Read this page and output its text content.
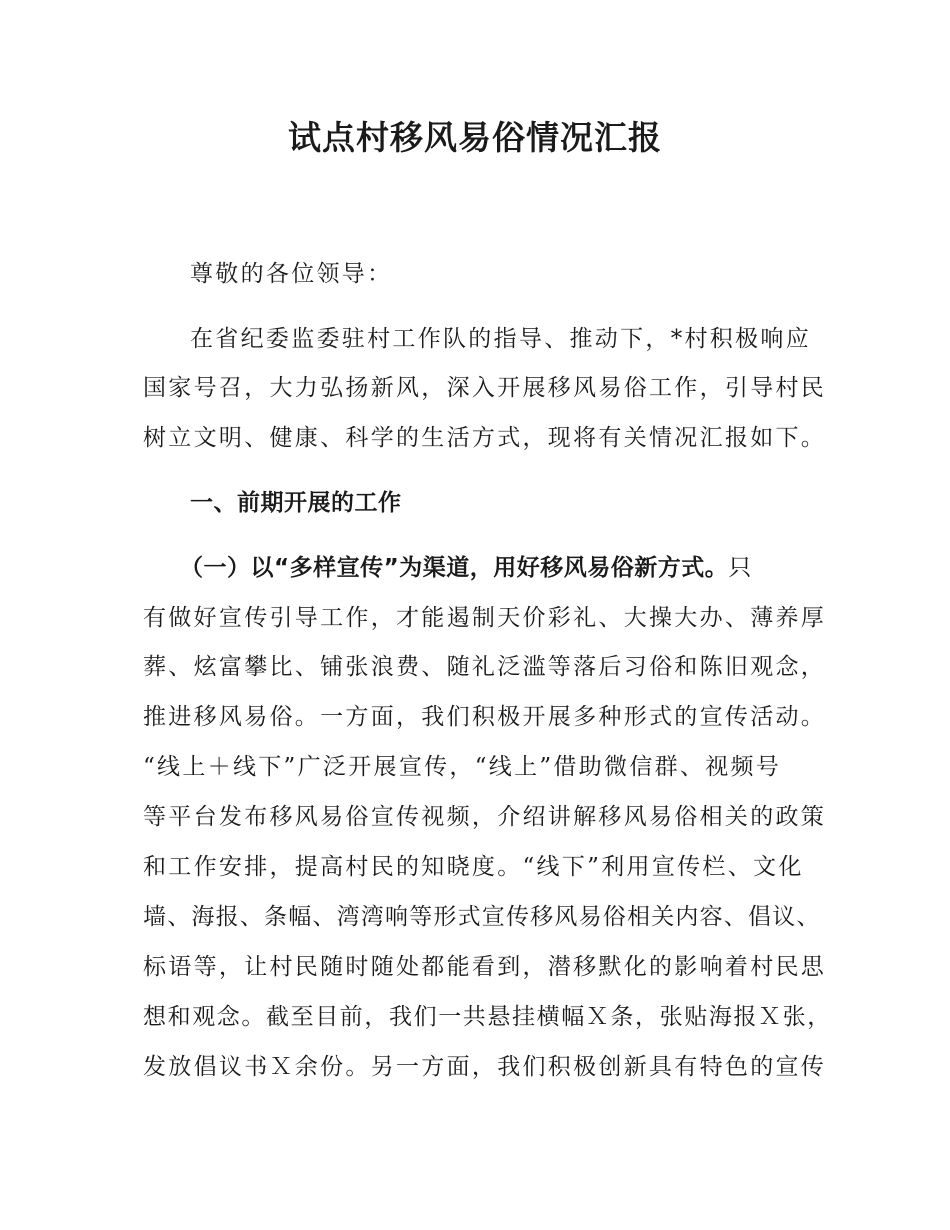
试点村移风易俗情况汇报
尊敬的各位领导：
在省纪委监委驻村工作队的指导、推动下，*村积极响应
国家号召，大力弘扬新风，深入开展移风易俗工作，引导村民
树立文明、健康、科学的生活方式，现将有关情况汇报如下。
一、前期开展的工作
（一）以“多样宣传”为渠道，用好移风易俗新方式。只
有做好宣传引导工作，才能遏制天价彩礼、大操大办、薄养厚
葬、炫富攀比、铺张浪费、随礼泛滥等落后习俗和陈旧观念，
推进移风易俗。一方面，我们积极开展多种形式的宣传活动。
“线上＋线下”广泛开展宣传，“线上”借助微信群、视频号
等平台发布移风易俗宣传视频，介绍讲解移风易俗相关的政策
和工作安排，提高村民的知晓度。“线下”利用宣传栏、文化
墙、海报、条幅、湾湾响等形式宣传移风易俗相关内容、倡议、
标语等，让村民随时随处都能看到，潜移默化的影响着村民思
想和观念。截至目前，我们一共悬挂横幅Ｘ条，张贴海报Ｘ张，
发放倡议书Ｘ余份。另一方面，我们积极创新具有特色的宣传
